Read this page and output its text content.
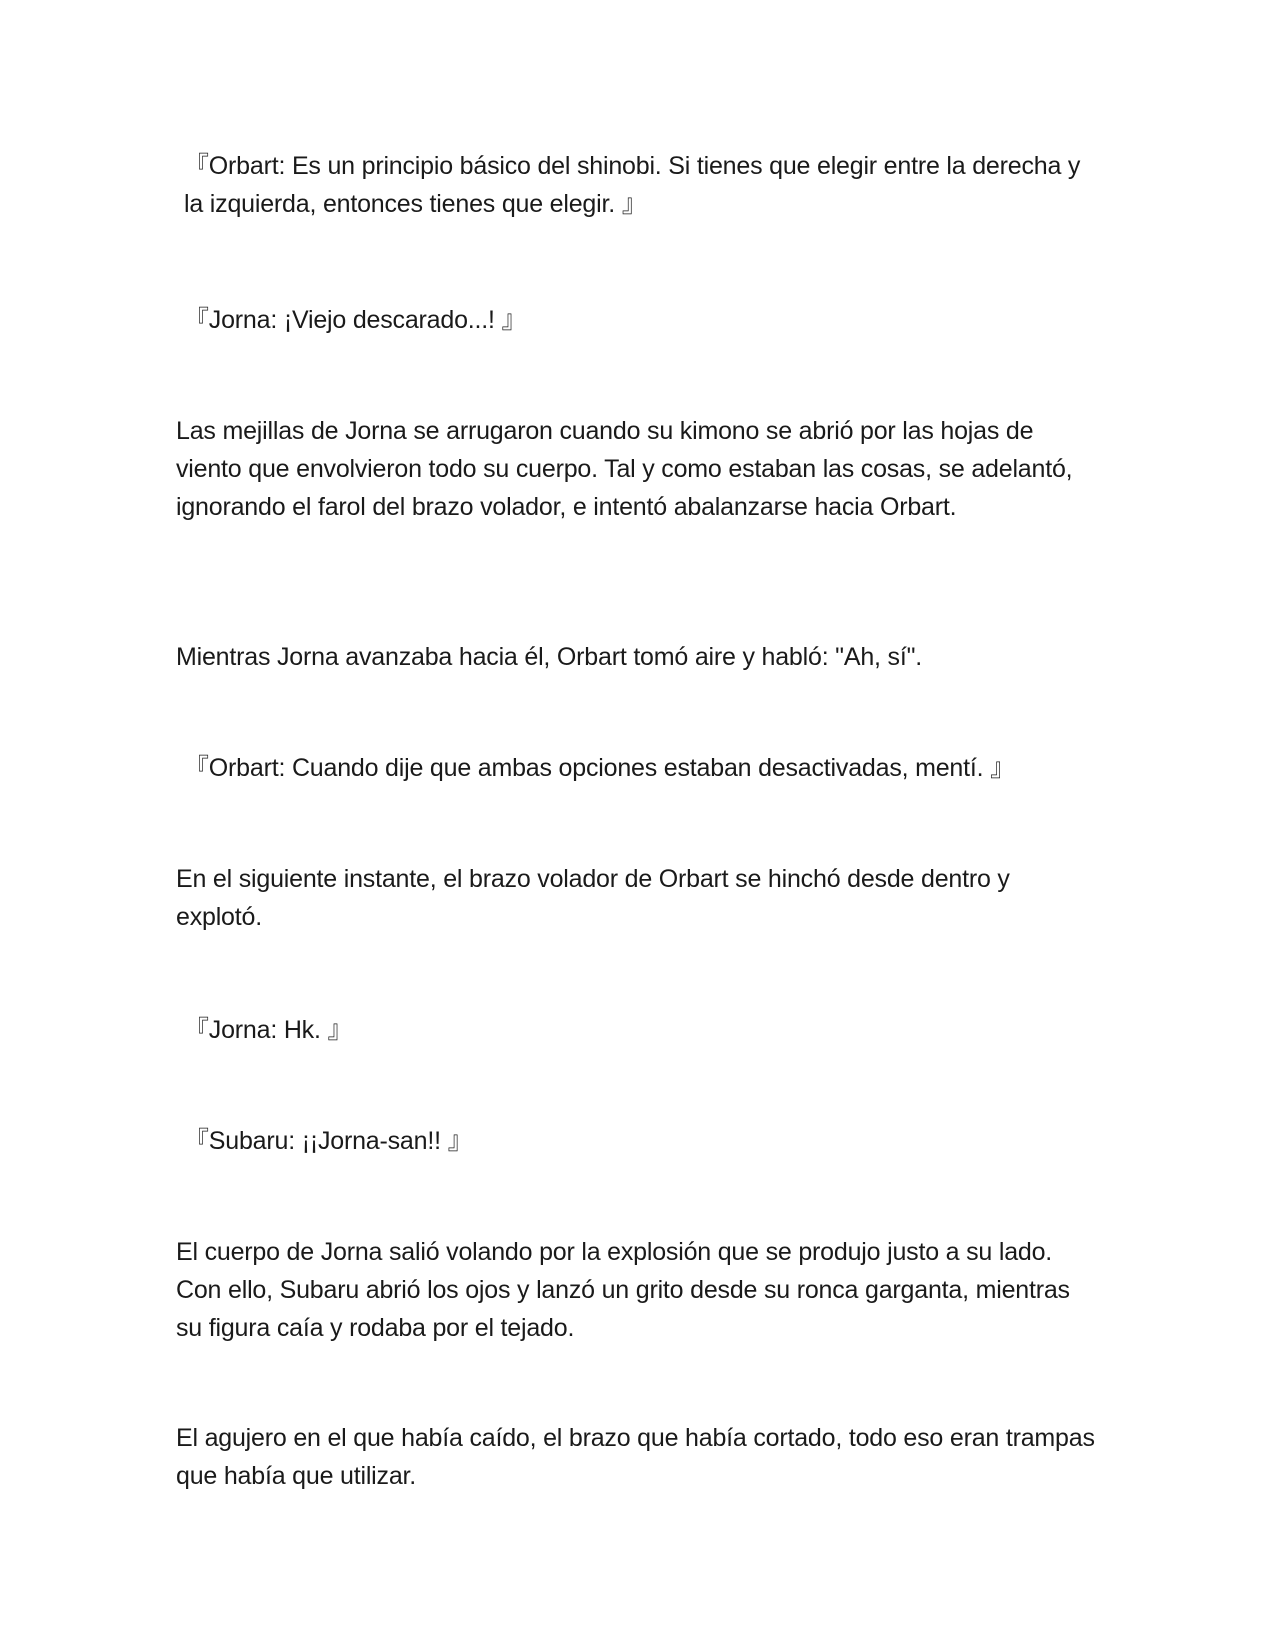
『Orbart: Es un principio básico del shinobi. Si tienes que elegir entre la derecha y la izquierda, entonces tienes que elegir. 』

『Jorna: ¡Viejo descarado...! 』

Las mejillas de Jorna se arrugaron cuando su kimono se abrió por las hojas de viento que envolvieron todo su cuerpo. Tal y como estaban las cosas, se adelantó, ignorando el farol del brazo volador, e intentó abalanzarse hacia Orbart.

Mientras Jorna avanzaba hacia él, Orbart tomó aire y habló: "Ah, sí".

『Orbart: Cuando dije que ambas opciones estaban desactivadas, mentí. 』

En el siguiente instante, el brazo volador de Orbart se hinchó desde dentro y explotó.

『Jorna: Hk. 』

『Subaru: ¡¡Jorna-san!! 』

El cuerpo de Jorna salió volando por la explosión que se produjo justo a su lado. Con ello, Subaru abrió los ojos y lanzó un grito desde su ronca garganta, mientras su figura caía y rodaba por el tejado.

El agujero en el que había caído, el brazo que había cortado, todo eso eran trampas que había que utilizar.
